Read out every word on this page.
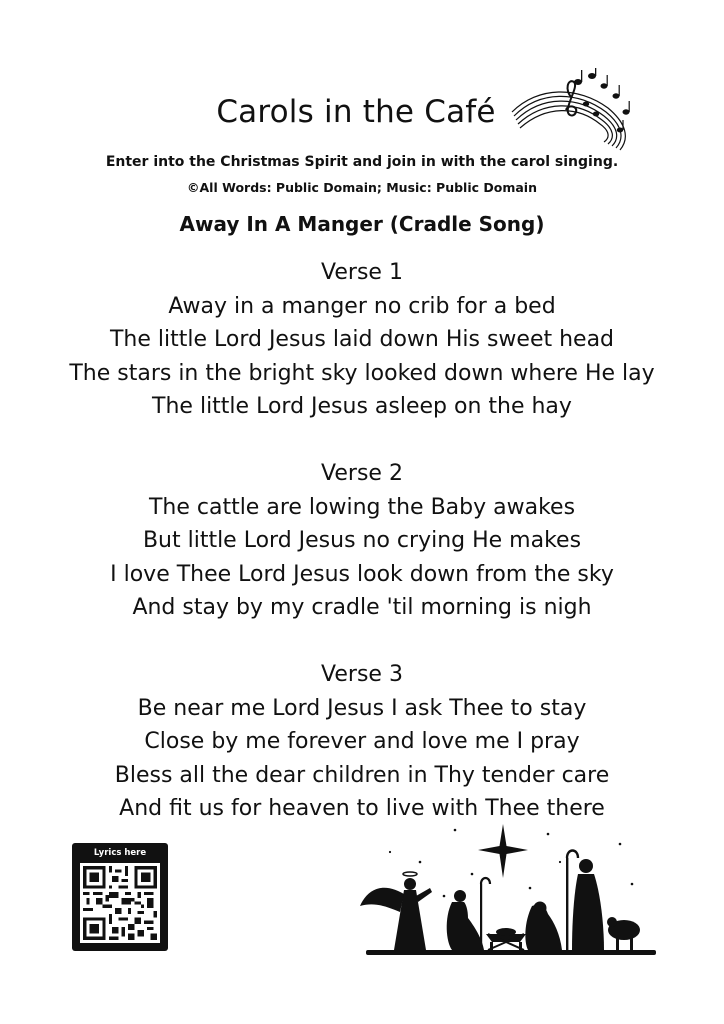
Carols in the Café
Enter into the Christmas Spirit and join in with the carol singing.
©All Words: Public Domain; Music: Public Domain
Away In A Manger (Cradle Song)
Verse 1
Away in a manger no crib for a bed
The little Lord Jesus laid down His sweet head
The stars in the bright sky looked down where He lay
The little Lord Jesus asleep on the hay
Verse 2
The cattle are lowing the Baby awakes
But little Lord Jesus no crying He makes
I love Thee Lord Jesus look down from the sky
And stay by my cradle 'til morning is nigh
Verse 3
Be near me Lord Jesus I ask Thee to stay
Close by me forever and love me I pray
Bless all the dear children in Thy tender care
And fit us for heaven to live with Thee there
Lyrics here
